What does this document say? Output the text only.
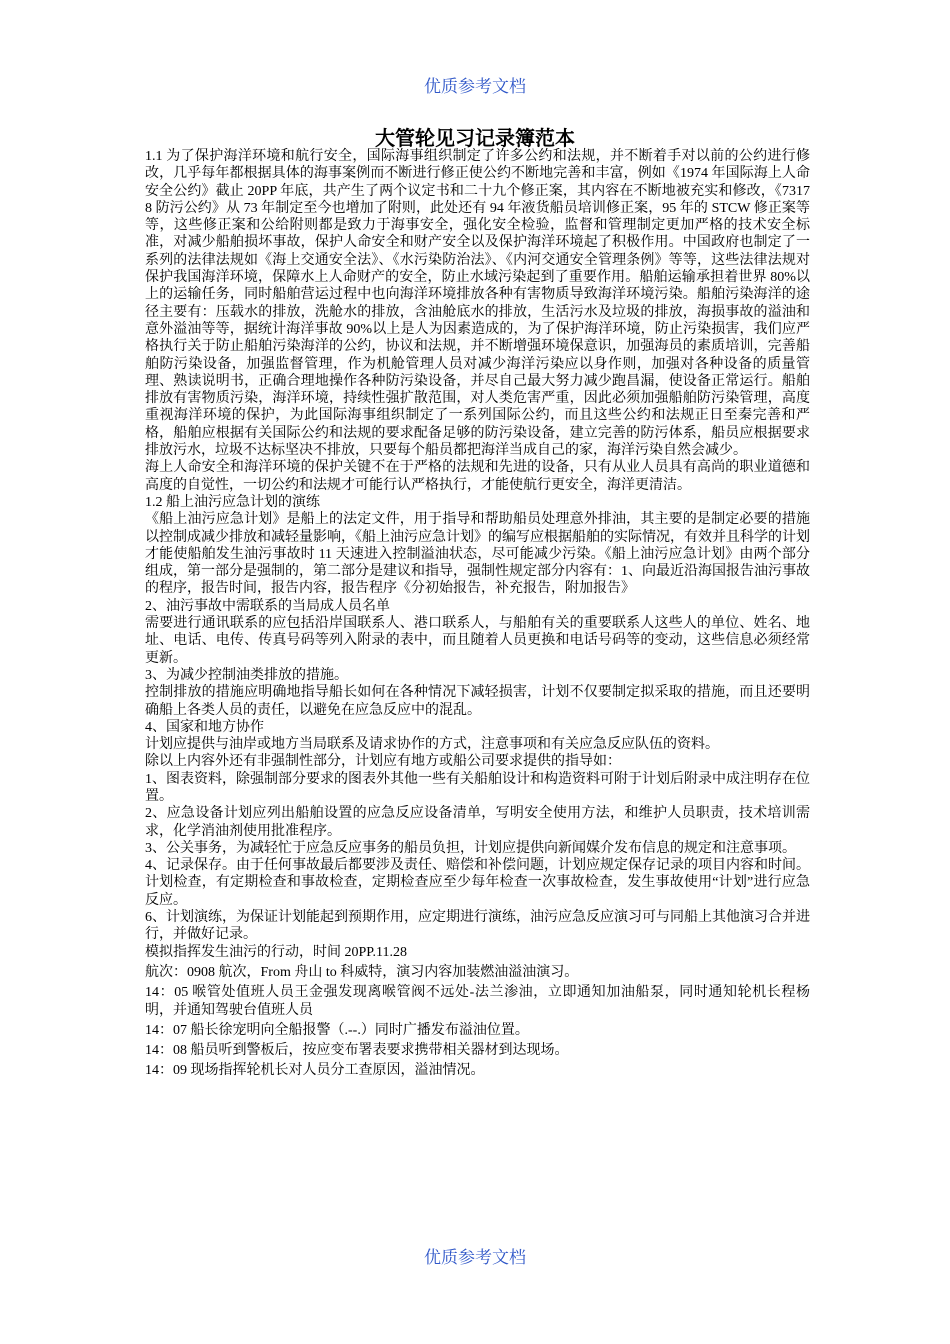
优质参考文档
大管轮见习记录簿范本

1.1 为了保护海洋环境和航行安全，国际海事组织制定了许多公约和法规，并不断着手对以前的公约进行修改，几乎每年都根据具体的海事案例而不断进行修正使公约不断地完善和丰富，例如《1974 年国际海上人命安全公约》截止 20PP 年底，共产生了两个议定书和二十九个修正案，其内容在不断地被充实和修改，《73178 防污公约》从 73 年制定至今也增加了附则，此处还有 94 年液货船员培训修正案，95 年的 STCW 修正案等等，这些修正案和公给附则都是致力于海事安全，强化安全检验，监督和管理制定更加严格的技术安全标准，对减少船舶损坏事故，保护人命安全和财产安全以及保护海洋环境起了积极作用。中国政府也制定了一系列的法律法规如《海上交通安全法》、《水污染防治法》、《内河交通安全管理条例》等等，这些法律法规对保护我国海洋环境，保障水上人命财产的安全，防止水域污染起到了重要作用。船舶运输承担着世界 80%以上的运输任务，同时船舶营运过程中也向海洋环境排放各种有害物质导致海洋环境污染。船舶污染海洋的途径主要有：压载水的排放，洗舱水的排放，含油舱底水的排放，生活污水及垃圾的排放，海损事故的溢油和意外溢油等等，据统计海洋事故 90%以上是人为因素造成的，为了保护海洋环境，防止污染损害，我们应严格执行关于防止船舶污染海洋的公约，协议和法规，并不断增强环境保意识，加强海员的素质培训，完善船舶防污染设备，加强监督管理，作为机舱管理人员对减少海洋污染应以身作则，加强对各种设备的质量管理、熟读说明书，正确合理地操作各种防污染设备，并尽自己最大努力减少跑昌漏，使设备正常运行。船舶排放有害物质污染，海洋环境，持续性强扩散范围，对人类危害严重，因此必须加强船舶防污染管理，高度重视海洋环境的保护，为此国际海事组织制定了一系列国际公约，而且这些公约和法规正日至秦完善和严格，船舶应根据有关国际公约和法规的要求配备足够的防污染设备，建立完善的防污体系，船员应根据要求排放污水，垃圾不达标坚决不排放，只要每个船员都把海洋当成自己的家，海洋污染自然会减少。

海上人命安全和海洋环境的保护关键不在于严格的法规和先进的设备，只有从业人员具有高尚的职业道德和高度的自觉性，一切公约和法规才可能行认严格执行，才能使航行更安全，海洋更清洁。

1.2 船上油污应急计划的演练

《船上油污应急计划》是船上的法定文件，用于指导和帮助船员处理意外排油，其主要的是制定必要的措施以控制成减少排放和减轻量影响，《船上油污应急计划》的编写应根据船舶的实际情况，有效并且科学的计划才能使船舶发生油污事故时 11 天速进入控制溢油状态，尽可能减少污染。《船上油污应急计划》由两个部分组成，第一部分是强制的，第二部分是建议和指导，强制性规定部分内容有：1、向最近沿海国报告油污事故的程序，报告时间，报告内容，报告程序《分初始报告，补充报告，附加报告》

2、油污事故中需联系的当局成人员名单

需要进行通讯联系的应包括沿岸国联系人、港口联系人，与船舶有关的重要联系人这些人的单位、姓名、地址、电话、电传、传真号码等列入附录的表中，而且随着人员更换和电话号码等的变动，这些信息必须经常更新。

3、为减少控制油类排放的措施。

控制排放的措施应明确地指导船长如何在各种情况下减轻损害，计划不仅要制定拟采取的措施，而且还要明确船上各类人员的责任，以避免在应急反应中的混乱。

4、国家和地方协作

计划应提供与油岸或地方当局联系及请求协作的方式，注意事项和有关应急反应队伍的资料。

除以上内容外还有非强制性部分，计划应有地方或船公司要求提供的指导如：

1、图表资料，除强制部分要求的图表外其他一些有关船舶设计和构造资料可附于计划后附录中成注明存在位置。

2、应急设备计划应列出船舶设置的应急反应设备清单，写明安全使用方法，和维护人员职责，技术培训需求，化学消油剂使用批准程序。

3、公关事务，为减轻忙于应急反应事务的船员负担，计划应提供向新闻媒介发布信息的规定和注意事项。

4、记录保存。由于任何事故最后都要涉及责任、赔偿和补偿问题，计划应规定保存记录的项目内容和时间。

计划检查，有定期检查和事故检查，定期检查应至少每年检查一次事故检查，发生事故使用“计划”进行应急反应。

6、计划演练，为保证计划能起到预期作用，应定期进行演练，油污应急反应演习可与同船上其他演习合并进行，并做好记录。

模拟指挥发生油污的行动，时间 20PP.11.28

航次：0908 航次，From 舟山 to 科威特，演习内容加装燃油溢油演习。

14：05 喉管处值班人员王金强发现离喉管阀不远处-法兰渗油，立即通知加油船泵，同时通知轮机长程杨明，并通知驾驶台值班人员

14：07 船长徐宠明向全船报警（.--.）同时广播发布溢油位置。

14：08 船员听到警板后，按应变布署表要求携带相关器材到达现场。

14：09 现场指挥轮机长对人员分工查原因，溢油情况。

优质参考文档
